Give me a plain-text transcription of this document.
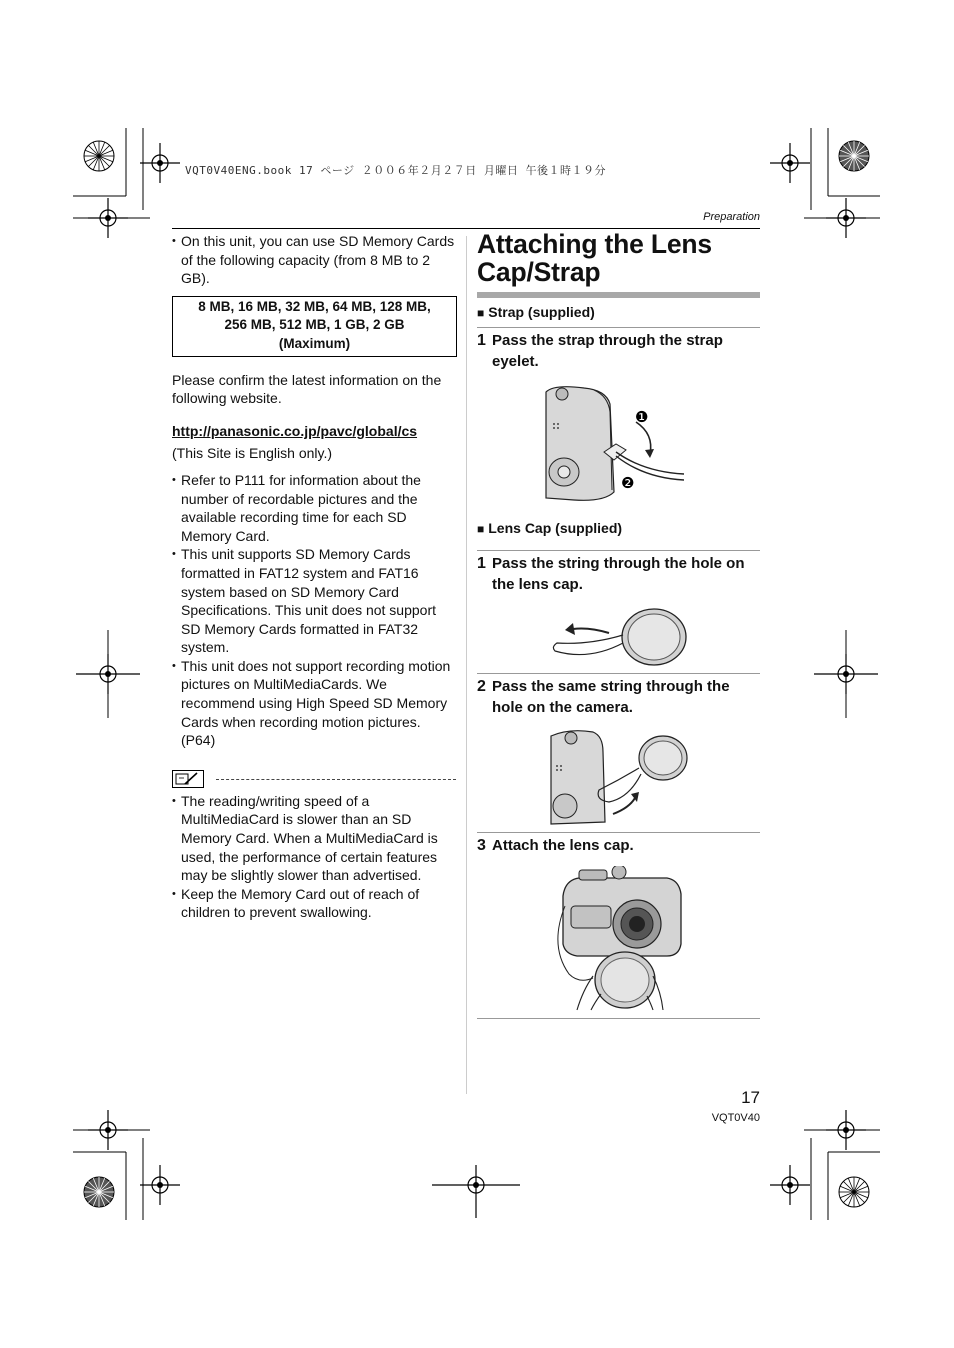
VQT0V40ENG.book 17 ページ ２００６年２月２７日 月曜日 午後１時１９分
Preparation

• On this unit, you can use SD Memory Cards of the following capacity (from 8 MB to 2 GB).

8 MB, 16 MB, 32 MB, 64 MB, 128 MB,
256 MB, 512 MB, 1 GB, 2 GB
(Maximum)

Please confirm the latest information on the following website.

http://panasonic.co.jp/pavc/global/cs

(This Site is English only.)

• Refer to P111 for information about the number of recordable pictures and the available recording time for each SD Memory Card.

• This unit supports SD Memory Cards formatted in FAT12 system and FAT16 system based on SD Memory Card Specifications. This unit does not support SD Memory Cards formatted in FAT32 system.

• This unit does not support recording motion pictures on MultiMediaCards. We recommend using High Speed SD Memory Cards when recording motion pictures. (P64)

• The reading/writing speed of a MultiMediaCard is slower than an SD Memory Card. When a MultiMediaCard is used, the performance of certain features may be slightly slower than advertised.

• Keep the Memory Card out of reach of children to prevent swallowing.

Attaching the Lens Cap/Strap
■ Strap (supplied)
1 Pass the strap through the strap eyelet.
❶
❷
■ Lens Cap (supplied)
1 Pass the string through the hole on the lens cap.
2 Pass the same string through the hole on the camera.
3 Attach the lens cap.
17
VQT0V40
